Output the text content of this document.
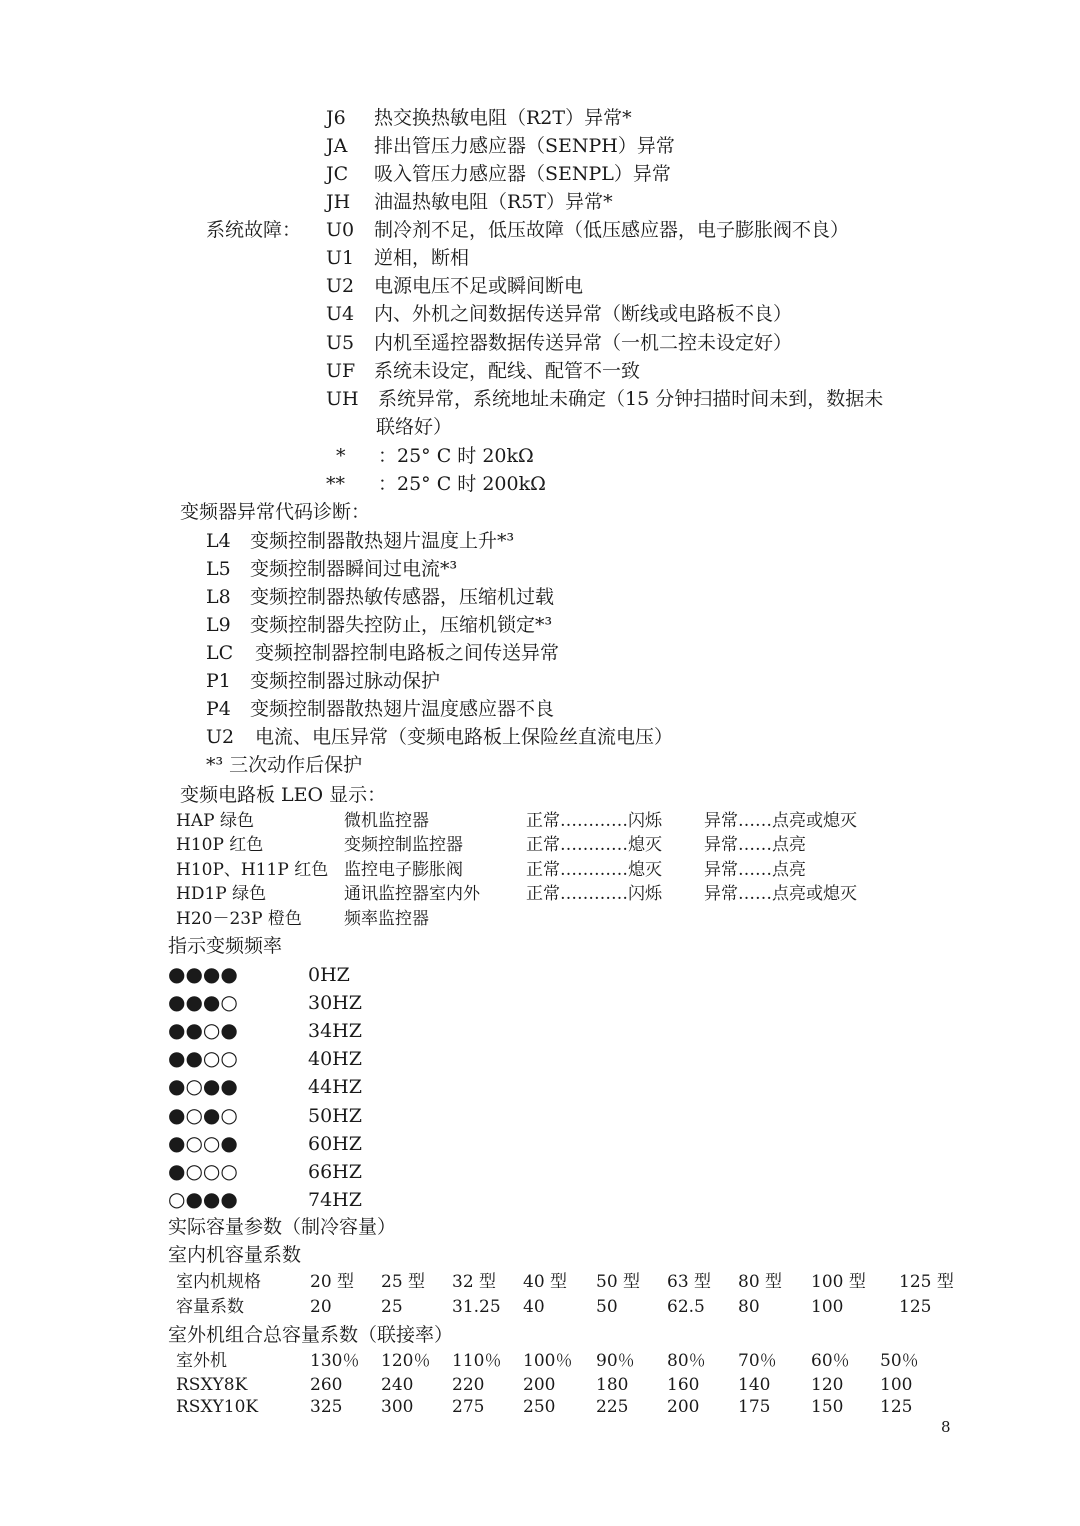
J6 热交换热敏电阻（R2T）异常*
JA 排出管压力感应器（SENPH）异常
JC 吸入管压力感应器（SENPL）异常
JH 油温热敏电阻（R5T）异常*
系统故障： U0 制冷剂不足，低压故障（低压感应器，电子膨胀阀不良）
U1 逆相，断相
U2 电源电压不足或瞬间断电
U4 内、外机之间数据传送异常（断线或电路板不良）
U5 内机至遥控器数据传送异常（一机二控未设定好）
UF 系统未设定，配线、配管不一致
UH 系统异常，系统地址未确定（15 分钟扫描时间未到，数据未
联络好）
* ：25° C 时 20kΩ
** ：25° C 时 200kΩ
变频器异常代码诊断：
L4 变频控制器散热翅片温度上升*³
L5 变频控制器瞬间过电流*³
L8 变频控制器热敏传感器，压缩机过载
L9 变频控制器失控防止，压缩机锁定*³
LC 变频控制器控制电路板之间传送异常
P1 变频控制器过脉动保护
P4 变频控制器散热翅片温度感应器不良
U2 电流、电压异常（变频电路板上保险丝直流电压）
*³ 三次动作后保护
变频电路板 LEO 显示：
HAP 绿色	微机监控器	正常…………闪烁 异常……点亮或熄灭
H10P 红色	变频控制监控器	正常…………熄灭 异常……点亮
H10P、H11P 红色 监控电子膨胀阀	正常…………熄灭 异常……点亮
HD1P 绿色	通讯监控器室内外	正常…………闪烁 异常……点亮或熄灭
H20－23P 橙色 频率监控器
指示变频频率
●●●●	0HZ
●●●○	30HZ
●●○●	34HZ
●●○○	40HZ
●○●●	44HZ
●○●○	50HZ
●○○●	60HZ
●○○○	66HZ
○●●●	74HZ
实际容量参数（制冷容量）
室内机容量系数
室内机规格	20 型 25 型 32 型 40 型 50 型 63 型 80 型 100 型 125 型
容量系数	20	25	31.25 40	50	62.5 80	100	125
室外机组合总容量系数（联接率）
室外机	130％ 120％ 110％ 100％ 90％ 80％ 70％ 60％ 50％
RSXY8K	260 240 220 200 180 160 140 120 100
RSXY10K	325 300 275 250 225 200 175 150 125
8
